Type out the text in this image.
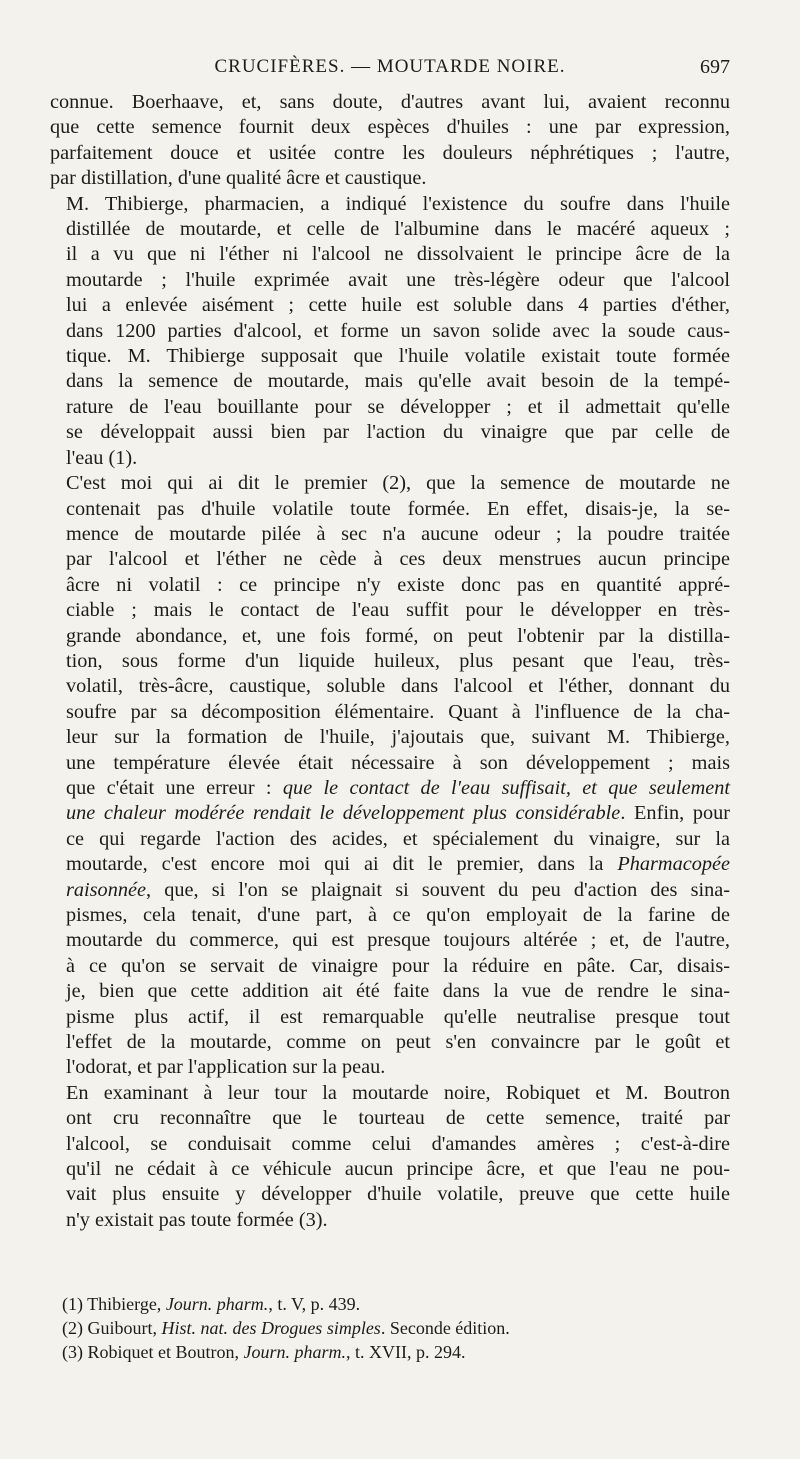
CRUCIFÈRES. — MOUTARDE NOIRE.	697
connue. Boerhaave, et, sans doute, d'autres avant lui, avaient reconnu
que cette semence fournit deux espèces d'huiles : une par expression,
parfaitement douce et usitée contre les douleurs néphrétiques ; l'autre,
par distillation, d'une qualité âcre et caustique.
M. Thibierge, pharmacien, a indiqué l'existence du soufre dans l'huile
distillée de moutarde, et celle de l'albumine dans le macéré aqueux ;
il a vu que ni l'éther ni l'alcool ne dissolvaient le principe âcre de la
moutarde ; l'huile exprimée avait une très-légère odeur que l'alcool
lui a enlevée aisément ; cette huile est soluble dans 4 parties d'éther,
dans 1200 parties d'alcool, et forme un savon solide avec la soude caus-
tique. M. Thibierge supposait que l'huile volatile existait toute formée
dans la semence de moutarde, mais qu'elle avait besoin de la tempé-
rature de l'eau bouillante pour se développer ; et il admettait qu'elle
se développait aussi bien par l'action du vinaigre que par celle de
l'eau (1).
C'est moi qui ai dit le premier (2), que la semence de moutarde ne
contenait pas d'huile volatile toute formée. En effet, disais-je, la se-
mence de moutarde pilée à sec n'a aucune odeur ; la poudre traitée
par l'alcool et l'éther ne cède à ces deux menstrues aucun principe
âcre ni volatil : ce principe n'y existe donc pas en quantité appré-
ciable ; mais le contact de l'eau suffit pour le développer en très-
grande abondance, et, une fois formé, on peut l'obtenir par la distilla-
tion, sous forme d'un liquide huileux, plus pesant que l'eau, très-
volatil, très-âcre, caustique, soluble dans l'alcool et l'éther, donnant du
soufre par sa décomposition élémentaire. Quant à l'influence de la cha-
leur sur la formation de l'huile, j'ajoutais que, suivant M. Thibierge,
une température élevée était nécessaire à son développement ; mais
que c'était une erreur : que le contact de l'eau suffisait, et que seulement
une chaleur modérée rendait le développement plus considérable. Enfin, pour
ce qui regarde l'action des acides, et spécialement du vinaigre, sur la
moutarde, c'est encore moi qui ai dit le premier, dans la Pharmacopée
raisonnée, que, si l'on se plaignait si souvent du peu d'action des sina-
pismes, cela tenait, d'une part, à ce qu'on employait de la farine de
moutarde du commerce, qui est presque toujours altérée ; et, de l'autre,
à ce qu'on se servait de vinaigre pour la réduire en pâte. Car, disais-
je, bien que cette addition ait été faite dans la vue de rendre le sina-
pisme plus actif, il est remarquable qu'elle neutralise presque tout
l'effet de la moutarde, comme on peut s'en convaincre par le goût et
l'odorat, et par l'application sur la peau.
En examinant à leur tour la moutarde noire, Robiquet et M. Boutron
ont cru reconnaître que le tourteau de cette semence, traité par
l'alcool, se conduisait comme celui d'amandes amères ; c'est-à-dire
qu'il ne cédait à ce véhicule aucun principe âcre, et que l'eau ne pou-
vait plus ensuite y développer d'huile volatile, preuve que cette huile
n'y existait pas toute formée (3).
(1) Thibierge, Journ. pharm., t. V, p. 439.
(2) Guibourt, Hist. nat. des Drogues simples. Seconde édition.
(3) Robiquet et Boutron, Journ. pharm., t. XVII, p. 294.
